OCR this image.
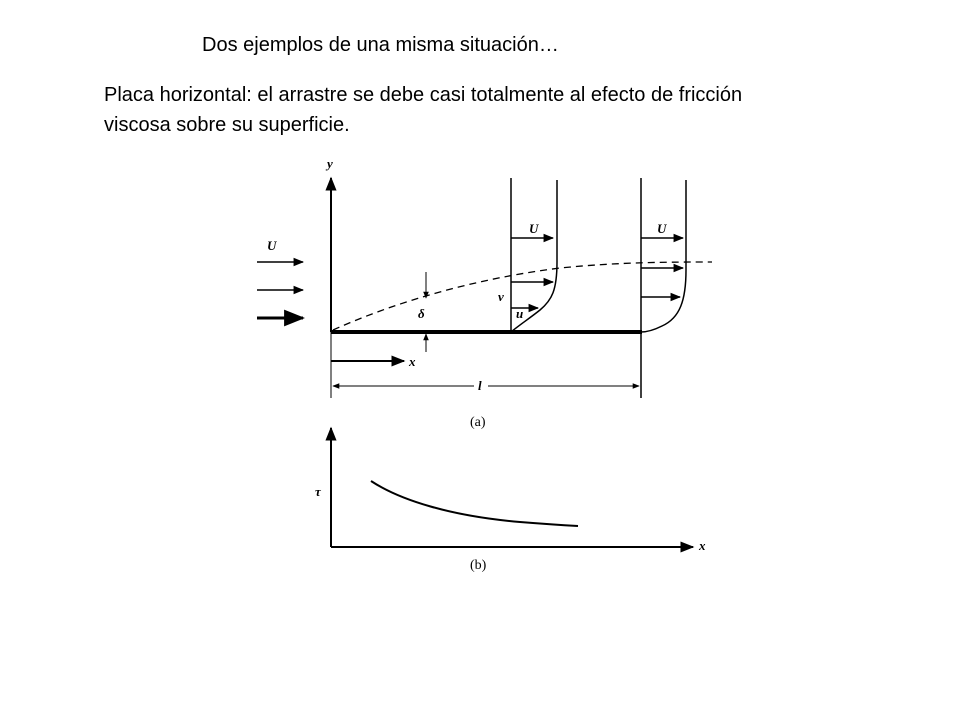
Dos ejemplos de una misma situación…
Placa horizontal: el arrastre se debe casi totalmente al efecto de fricción
viscosa sobre su superficie.
y
U
δ
U
v
u
U
x
l
(a)
τ
x
(b)
